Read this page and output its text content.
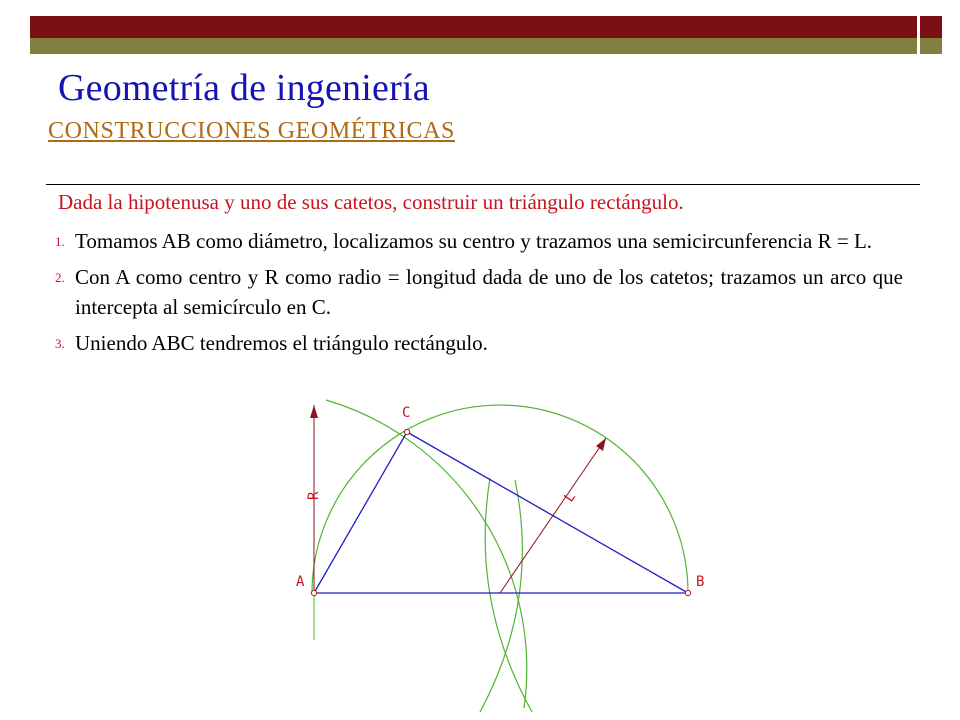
Geometría de ingeniería
CONSTRUCCIONES GEOMÉTRICAS
Dada la hipotenusa y uno de sus catetos, construir un triángulo rectángulo.
1. Tomamos AB como diámetro, localizamos su centro y trazamos una semicircunferencia R = L.
2. Con A como centro y R como radio = longitud dada de uno de los catetos; trazamos un arco que intercepta al semicírculo en C.
3. Uniendo ABC tendremos el triángulo rectángulo.
A	B
C
R	L
